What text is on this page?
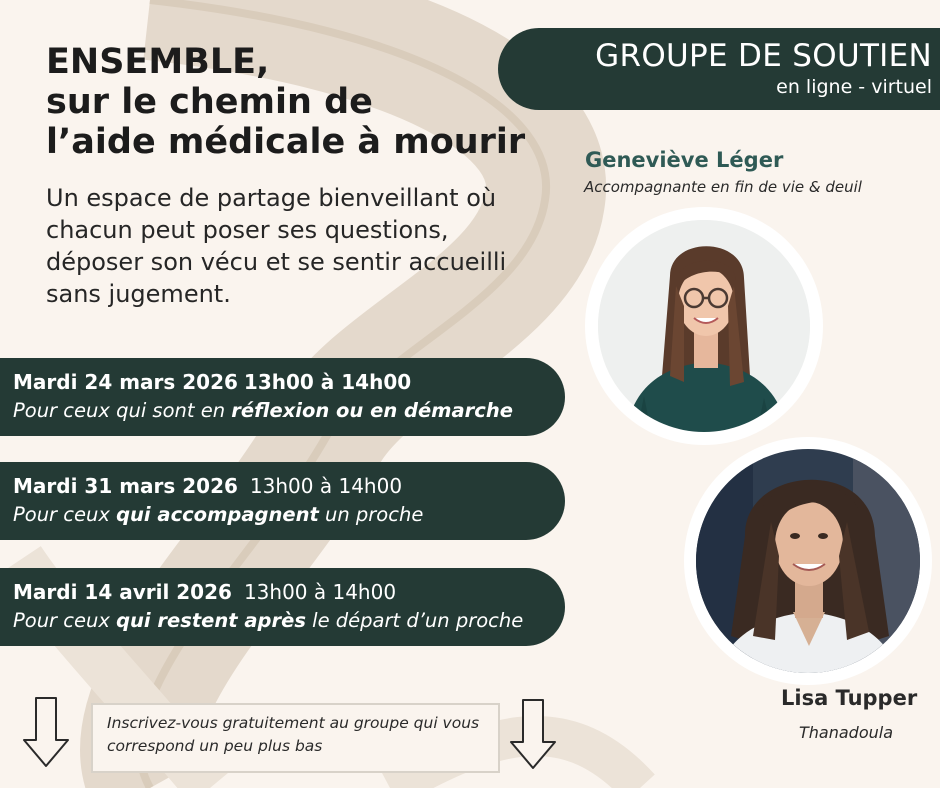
ENSEMBLE,
sur le chemin de
l’aide médicale à mourir
Un espace de partage bienveillant où chacun peut poser ses questions, déposer son vécu et se sentir accueilli sans jugement.
GROUPE DE SOUTIEN
en ligne - virtuel
Mardi 24 mars 2026 13h00 à 14h00
Pour ceux qui sont en réflexion ou en démarche
Mardi 31 mars 2026 13h00 à 14h00
Pour ceux qui accompagnent un proche
Mardi 14 avril 2026 13h00 à 14h00
Pour ceux qui restent après le départ d’un proche
Inscrivez-vous gratuitement au groupe qui vous
correspond un peu plus bas
Geneviève Léger
Accompagnante en fin de vie & deuil
Lisa Tupper
Thanadoula
